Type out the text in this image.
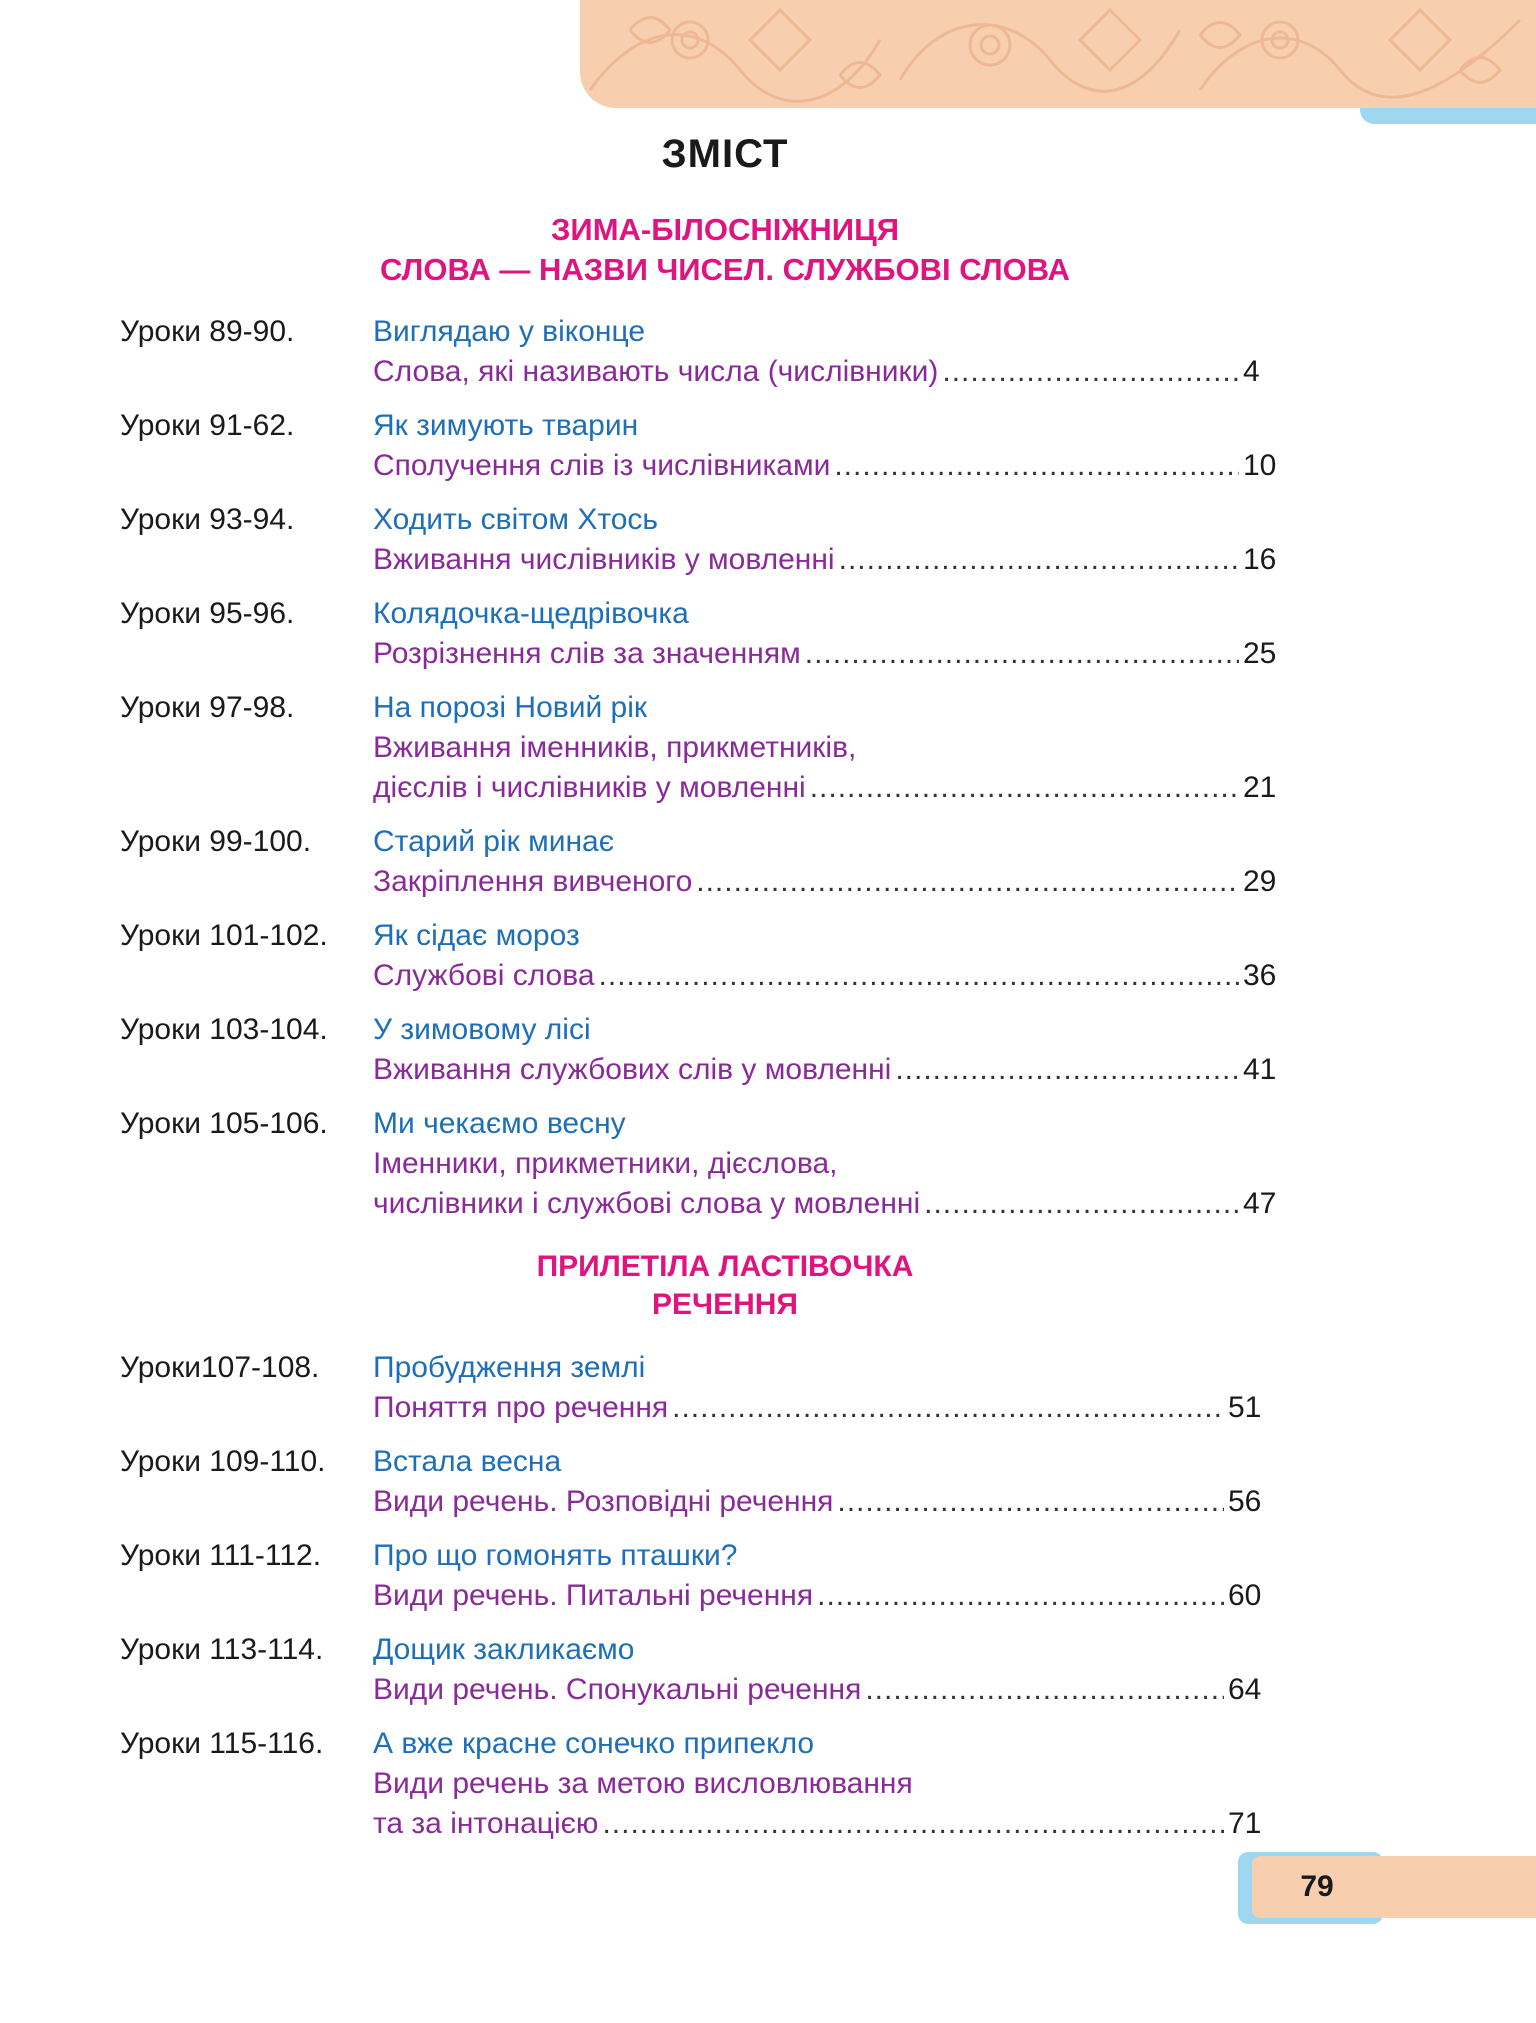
ЗМІСТ
ЗИМА-БІЛОСНІЖНИЦЯ
СЛОВА — НАЗВИ ЧИСЕЛ. СЛУЖБОВІ СЛОВА
Уроки 89-90.	Виглядаю у віконце
Слова, які називають числа (числівники) .....	4
Уроки 91-62.	Як зимують тварин
Сполучення слів із числівниками .....	10
Уроки 93-94.	Ходить світом Хтось
Вживання числівників у мовленні .....	16
Уроки 95-96.	Колядочка-щедрівочка
Розрізнення слів за значенням .....	25
Уроки 97-98.	На порозі Новий рік
Вживання іменників, прикметників,
дієслів і числівників у мовленні .....	21
Уроки 99-100. Старий рік минає
Закріплення вивченого .....	29
Уроки 101-102. Як сідає мороз
Службові слова .....	36
Уроки 103-104. У зимовому лісі
Вживання службових слів у мовленні .....	41
Уроки 105-106. Ми чекаємо весну
Іменники, прикметники, дієслова,
числівники і службові слова у мовленні .....	47
ПРИЛЕТІЛА ЛАСТІВОЧКА
РЕЧЕННЯ
Уроки107-108. Пробудження землі
Поняття про речення .....	51
Уроки 109-110. Встала весна
Види речень. Розповідні речення .....	56
Уроки 111-112. Про що гомонять пташки?
Види речень. Питальні речення .....	60
Уроки 113-114. Дощик закликаємо
Види речень. Спонукальні речення .....	64
Уроки 115-116. А вже красне сонечко припекло
Види речень за метою висловлювання
та за інтонацією .....	71
79
